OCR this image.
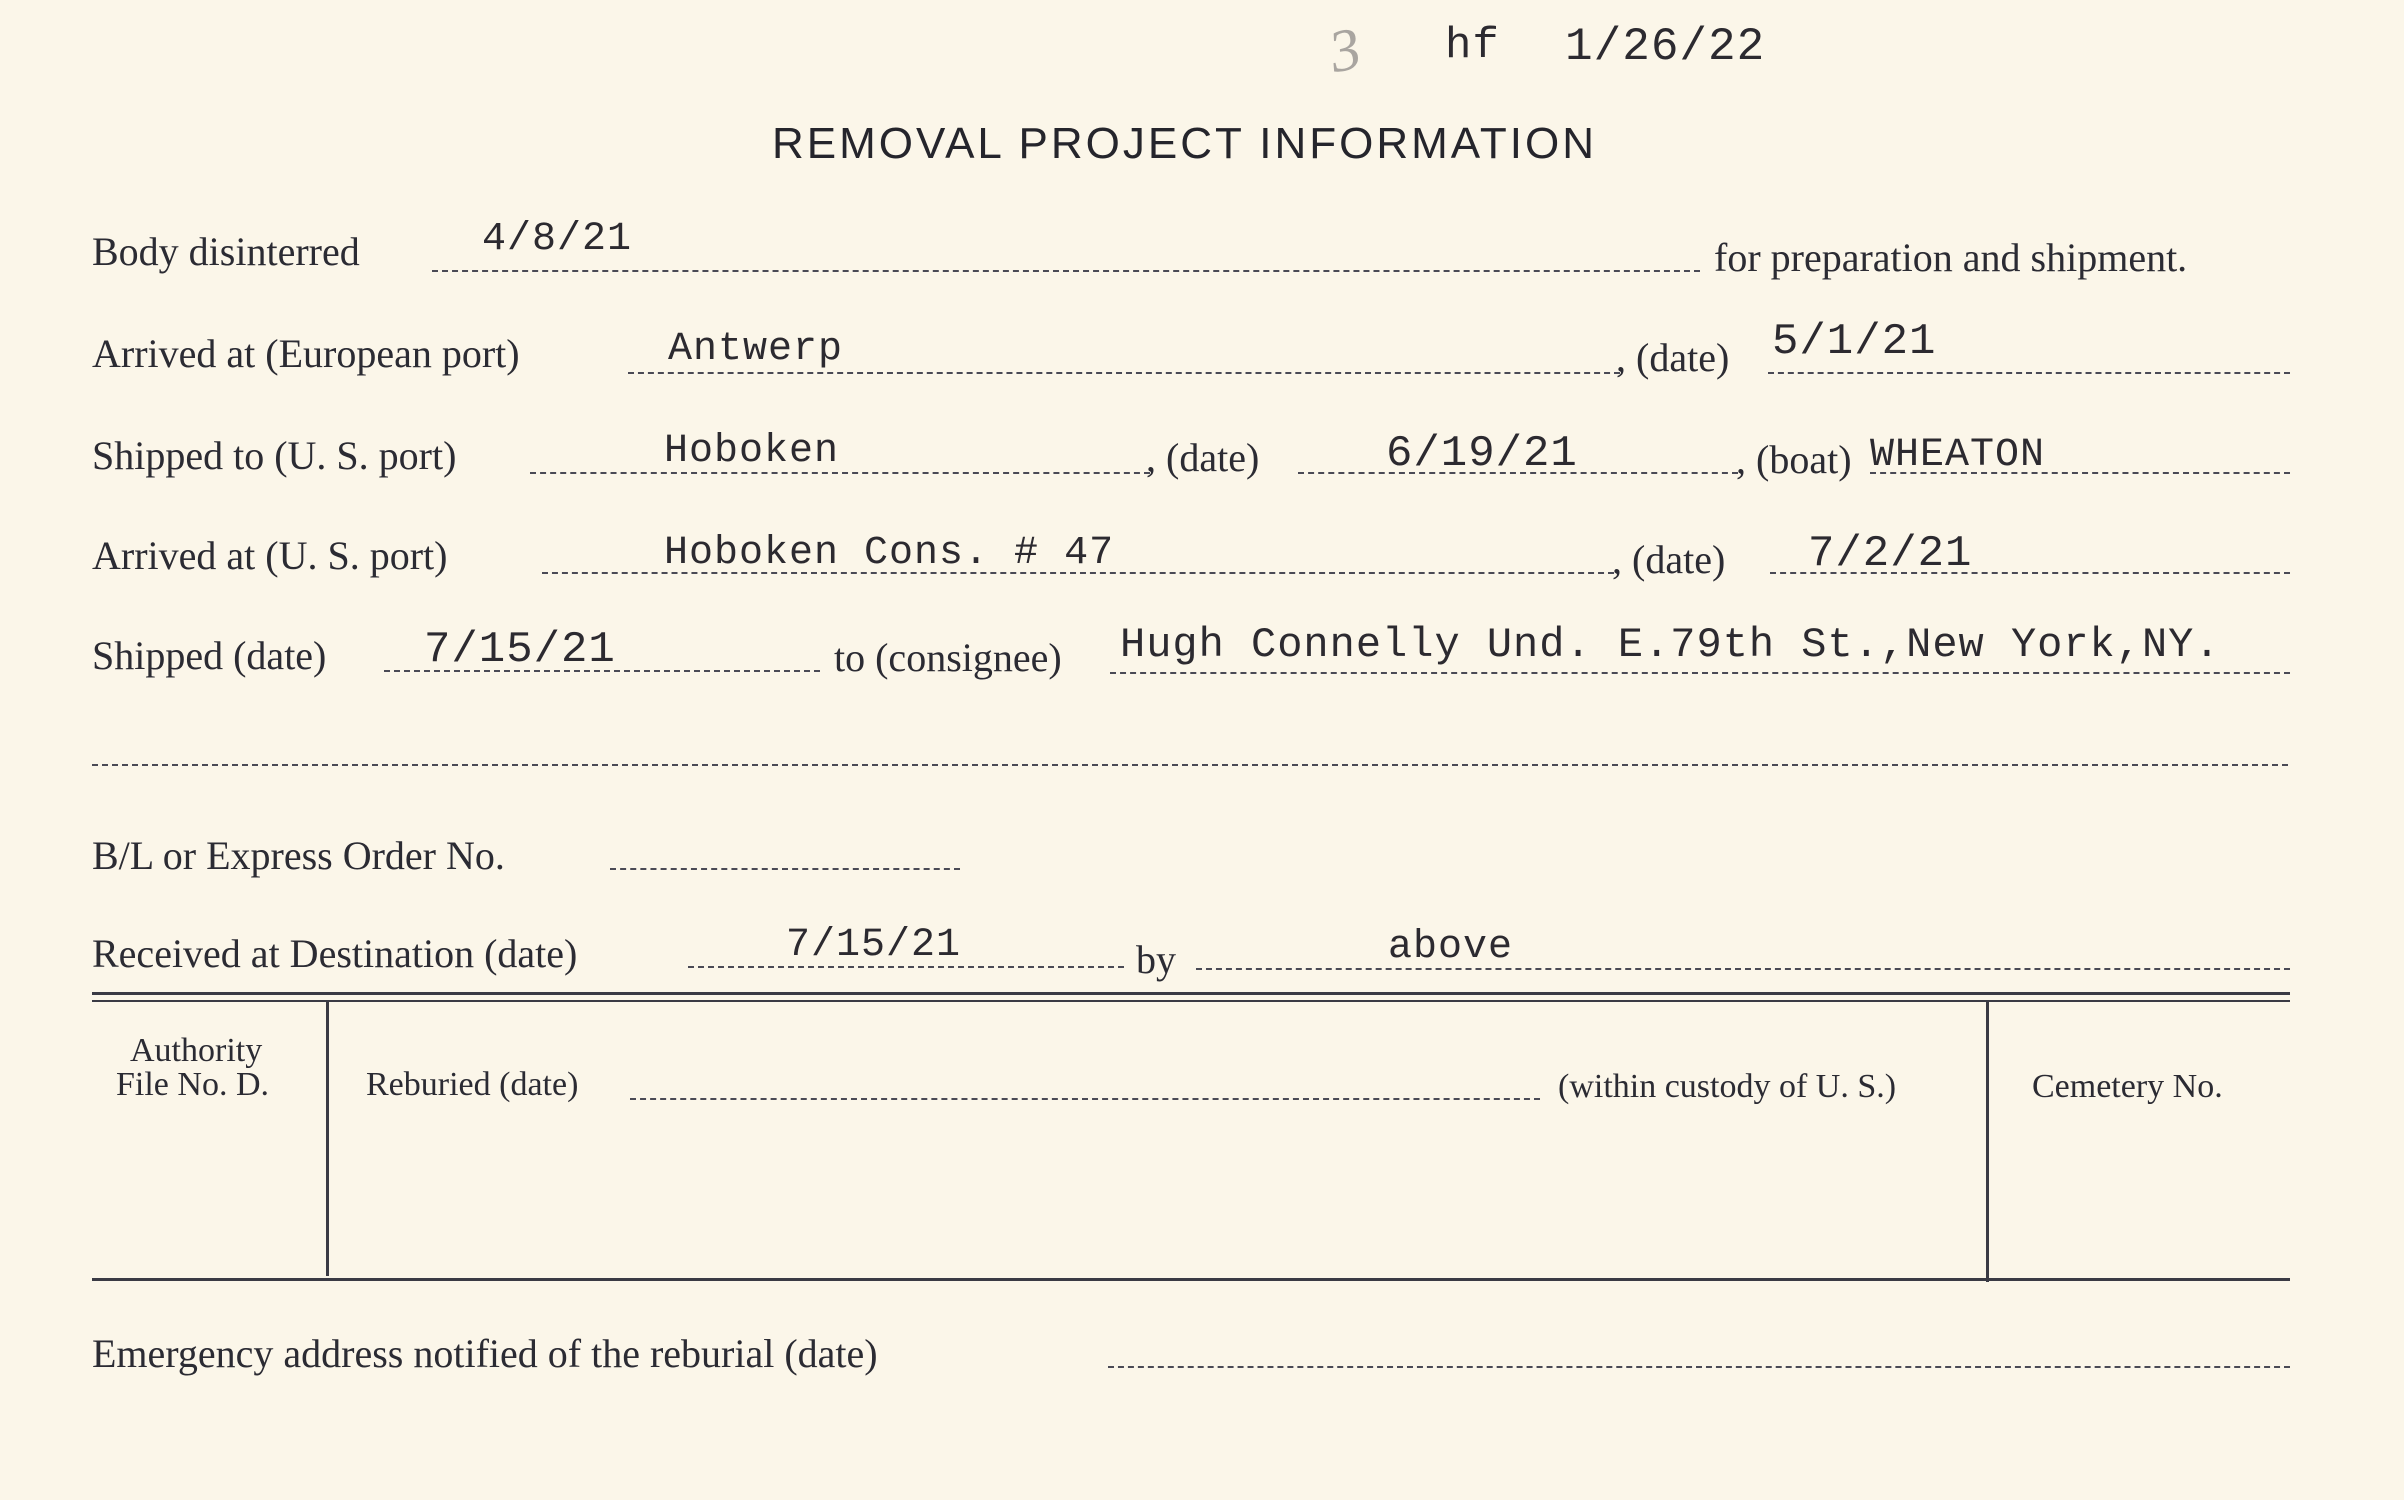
3 hf 1/26/22
REMOVAL PROJECT INFORMATION
Body disinterred	4/8/21	for preparation and shipment.
Arrived at (European port)	Antwerp	, (date) 5/1/21
Shipped to (U. S. port)	Hoboken	, (date)	6/19/21	, (boat) WHEATON
Arrived at (U. S. port)	Hoboken Cons. # 47	, (date) 7/2/21
Shipped (date) 7/15/21	to (consignee) Hugh Connelly Und. E.79th St.,New York,NY.
B/L or Express Order No.
Received at Destination (date)	7/15/21	by	above
Authority
File No. D.	Reburied (date)	(within custody of U. S.)	Cemetery No.
Emergency address notified of the reburial (date)
